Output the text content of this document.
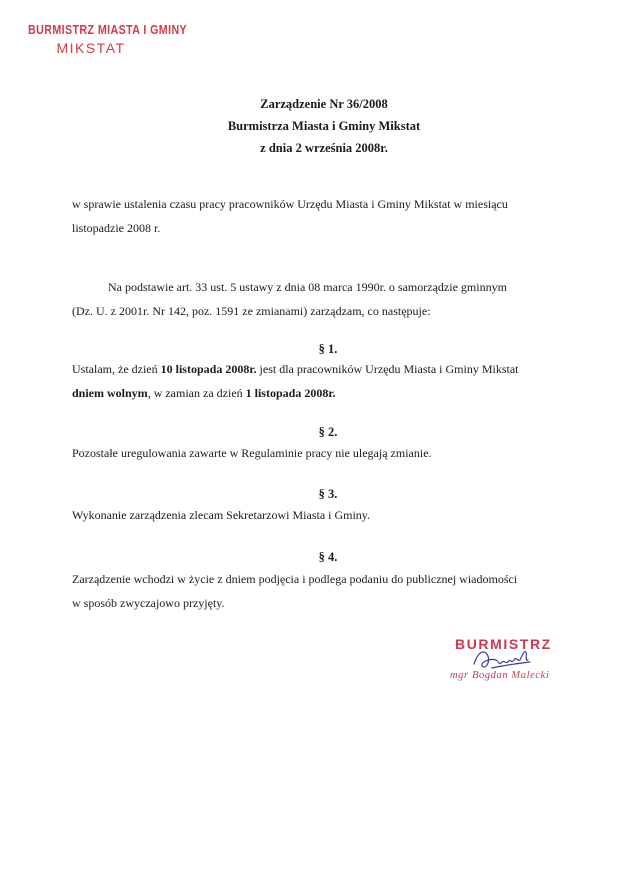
BURMISTRZ MIASTA I GMINY
MIKSTAT
Zarządzenie Nr 36/2008
Burmistrza Miasta i Gminy Mikstat
z dnia 2 września 2008r.
w sprawie ustalenia czasu pracy pracowników Urzędu Miasta i Gminy Mikstat w miesiącu
listopadzie 2008 r.
Na podstawie art. 33 ust. 5 ustawy z dnia 08 marca 1990r. o samorządzie gminnym
(Dz. U. z 2001r. Nr 142, poz. 1591 ze zmianami) zarządzam, co następuje:
§ 1.
Ustalam, że dzień 10 listopada 2008r. jest dla pracowników Urzędu Miasta i Gminy Mikstat
dniem wolnym, w zamian za dzień 1 listopada 2008r.
§ 2.
Pozostałe uregulowania zawarte w Regulaminie pracy nie ulegają zmianie.
§ 3.
Wykonanie zarządzenia zlecam Sekretarzowi Miasta i Gminy.
§ 4.
Zarządzenie wchodzi w życie z dniem podjęcia i podlega podaniu do publicznej wiadomości
w sposób zwyczajowo przyjęty.
BURMISTRZ
mgr Bogdan Malecki
